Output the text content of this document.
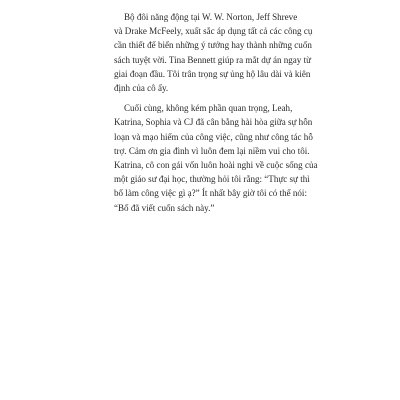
Bộ đôi năng động tại W. W. Norton, Jeff Shreve
và Drake McFeely, xuất sắc áp dụng tất cả các công cụ
cần thiết để biến những ý tưởng hay thành những cuốn
sách tuyệt vời. Tina Bennett giúp ra mắt dự án ngay từ
giai đoạn đầu. Tôi trân trọng sự ủng hộ lâu dài và kiên
định của cô ấy.

Cuối cùng, không kém phần quan trọng, Leah,
Katrina, Sophia và CJ đã cân bằng hài hòa giữa sự hỗn
loạn và mạo hiểm của công việc, cũng như công tác hỗ
trợ. Cảm ơn gia đình vì luôn đem lại niềm vui cho tôi.
Katrina, cô con gái vốn luôn hoài nghi về cuộc sống của
một giáo sư đại học, thường hỏi tôi rằng: “Thực sự thì
bố làm công việc gì ạ?” Ít nhất bây giờ tôi có thể nói:
“Bố đã viết cuốn sách này.”
